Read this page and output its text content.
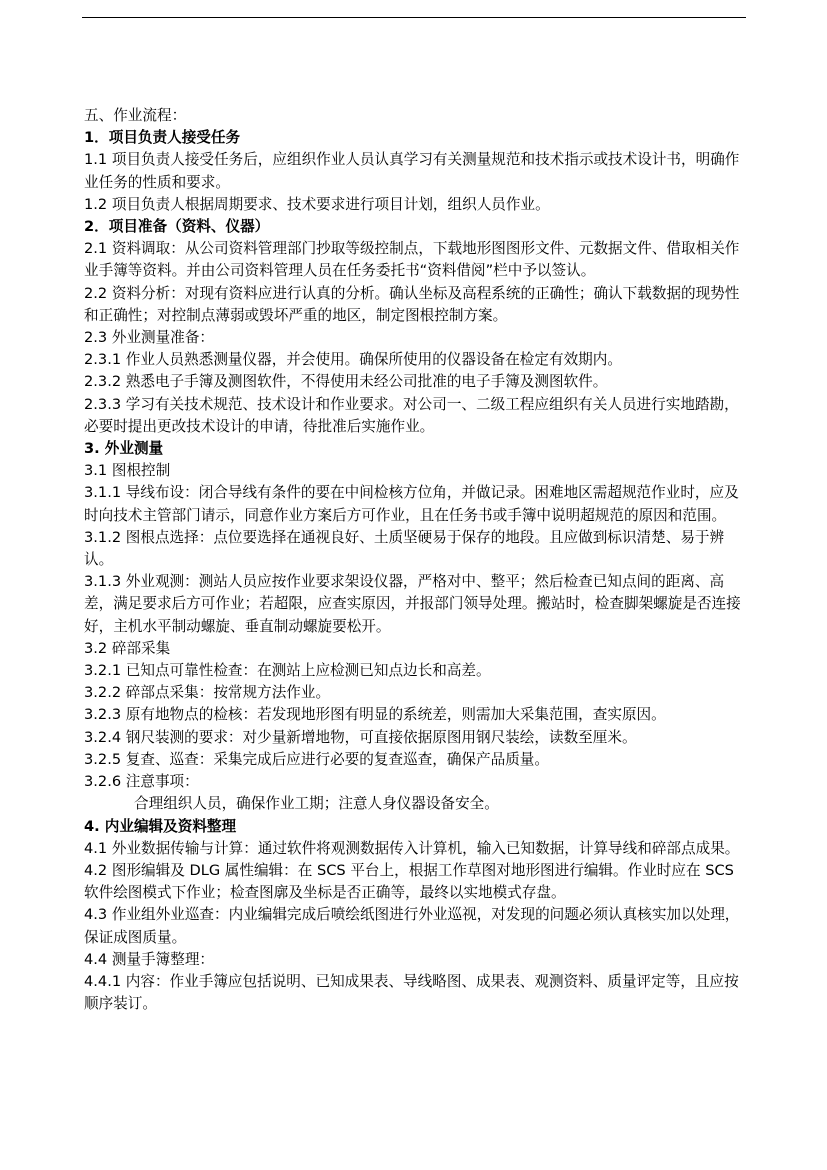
五、作业流程：

1．项目负责人接受任务

1.1 项目负责人接受任务后，应组织作业人员认真学习有关测量规范和技术指示或技术设计书，明确作业任务的性质和要求。

1.2 项目负责人根据周期要求、技术要求进行项目计划，组织人员作业。

2．项目准备（资料、仪器）

2.1 资料调取：从公司资料管理部门抄取等级控制点，下载地形图图形文件、元数据文件、借取相关作业手簿等资料。并由公司资料管理人员在任务委托书“资料借阅”栏中予以签认。

2.2 资料分析：对现有资料应进行认真的分析。确认坐标及高程系统的正确性；确认下载数据的现势性和正确性；对控制点薄弱或毁坏严重的地区，制定图根控制方案。

2.3 外业测量准备：

2.3.1 作业人员熟悉测量仪器，并会使用。确保所使用的仪器设备在检定有效期内。

2.3.2 熟悉电子手簿及测图软件，不得使用未经公司批准的电子手簿及测图软件。

2.3.3 学习有关技术规范、技术设计和作业要求。对公司一、二级工程应组织有关人员进行实地踏勘，必要时提出更改技术设计的申请，待批准后实施作业。

3. 外业测量

3.1 图根控制

3.1.1 导线布设：闭合导线有条件的要在中间检核方位角，并做记录。困难地区需超规范作业时，应及时向技术主管部门请示，同意作业方案后方可作业，且在任务书或手簿中说明超规范的原因和范围。

3.1.2 图根点选择：点位要选择在通视良好、土质坚硬易于保存的地段。且应做到标识清楚、易于辨认。

3.1.3 外业观测：测站人员应按作业要求架设仪器，严格对中、整平；然后检查已知点间的距离、高差，满足要求后方可作业；若超限，应查实原因，并报部门领导处理。搬站时，检查脚架螺旋是否连接好，主机水平制动螺旋、垂直制动螺旋要松开。

3.2 碎部采集

3.2.1 已知点可靠性检查：在测站上应检测已知点边长和高差。

3.2.2 碎部点采集：按常规方法作业。

3.2.3 原有地物点的检核：若发现地形图有明显的系统差，则需加大采集范围，查实原因。

3.2.4 钢尺装测的要求：对少量新增地物，可直接依据原图用钢尺装绘，读数至厘米。

3.2.5 复查、巡查：采集完成后应进行必要的复查巡查，确保产品质量。

3.2.6 注意事项：

合理组织人员，确保作业工期；注意人身仪器设备安全。

4. 内业编辑及资料整理

4.1 外业数据传输与计算：通过软件将观测数据传入计算机，输入已知数据，计算导线和碎部点成果。

4.2 图形编辑及 DLG 属性编辑：在 SCS 平台上，根据工作草图对地形图进行编辑。作业时应在 SCS 软件绘图模式下作业；检查图廓及坐标是否正确等，最终以实地模式存盘。

4.3 作业组外业巡查：内业编辑完成后喷绘纸图进行外业巡视，对发现的问题必须认真核实加以处理，保证成图质量。

4.4 测量手簿整理：

4.4.1 内容：作业手簿应包括说明、已知成果表、导线略图、成果表、观测资料、质量评定等，且应按顺序装订。
